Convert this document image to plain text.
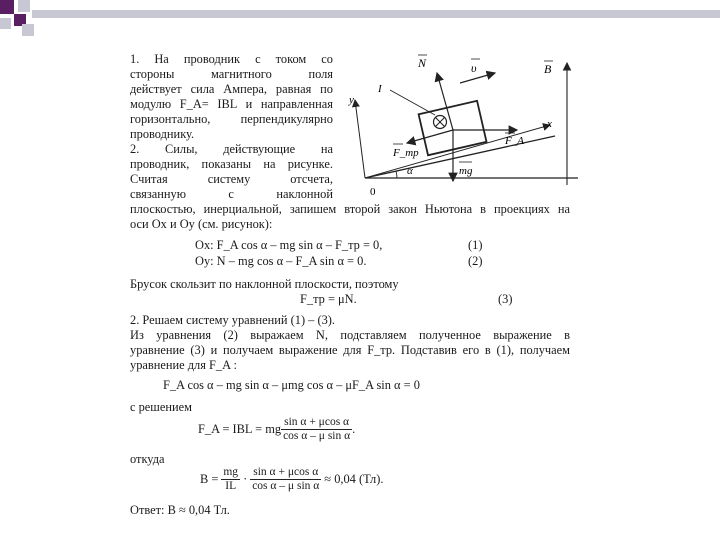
1. На проводник с током со
стороны магнитного поля
действует сила Ампера, равная по
модулю F_A= IBL и направленная
горизонтально, перпендикулярно
проводнику.
2. Силы, действующие на
проводник, показаны на рисунке.
Считая систему отсчета,
связанную с наклонной
плоскостью, инерциальной, запишем второй закон Ньютона в проекциях на
оси Ox и Oy (см. рисунок):
N	υ	B
y
I
x
F_A
F_тр
α	mg
0
Ox: F_A cos α – mg sin α – F_тр = 0,	(1)
Oy: N – mg cos α – F_A sin α = 0.	(2)
Брусок скользит по наклонной плоскости, поэтому
F_тр = μN.	(3)
2. Решаем систему уравнений (1) – (3).
Из уравнения (2) выражаем N, подставляем полученное выражение в
уравнение (3) и получаем выражение для F_тр. Подставив его в (1), получаем
уравнение для F_A :
F_A cos α – mg sin α – μmg cos α – μF_A sin α = 0
с решением
F_A = IBL = mg $\frac{\text{sin α + μcos α}}{\text{cos α – μ sin α}}$ .
откуда
$B = \frac{mg}{IL} \cdot \frac{\text{sin α + μcos α}}{\text{cos α – μ sin α}} \approx 0,04$ (Тл).
Ответ: B ≈ 0,04 Тл.
